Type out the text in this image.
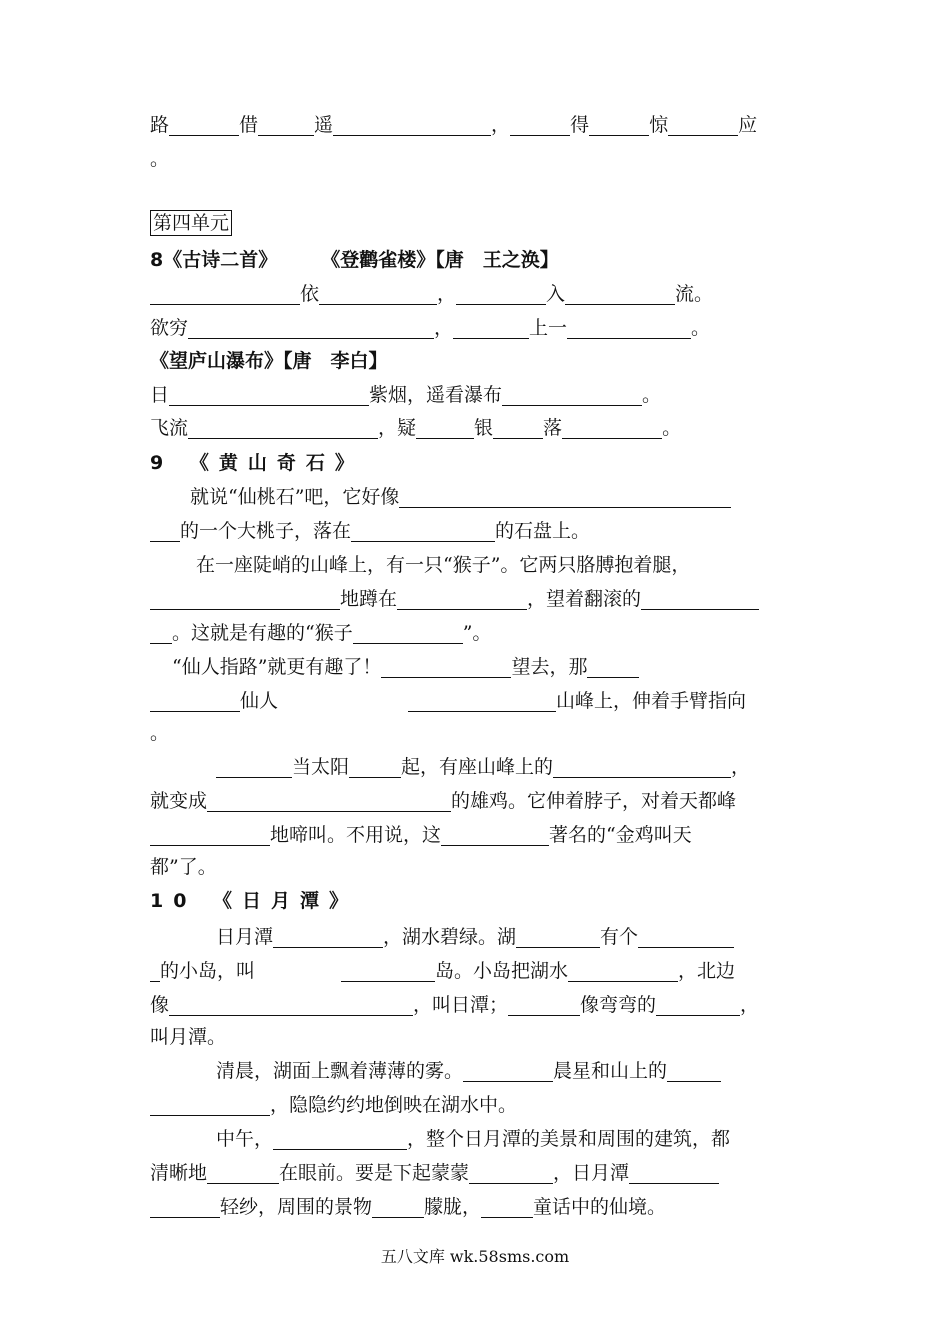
路	借	遥	，	得	惊	应
。
第四单元
8《古诗二首》 《登鹳雀楼》【唐　王之涣】
依	，	入	流。
欲穷	，	上一	。
《望庐山瀑布》【唐　李白】
日	紫烟，遥看瀑布	。
飞流	，疑	银	落	。
9 《黄山奇石》
就说“仙桃石”吧，它好像
的一个大桃子，落在	的石盘上。
在一座陡峭的山峰上，有一只“猴子”。它两只胳膊抱着腿，
地蹲在	，望着翻滚的
。这就是有趣的“猴子	”。
“仙人指路”就更有趣了！	望去，那
仙人	山峰上，伸着手臂指向
。
当太阳	起，有座山峰上的	，
就变成	的雄鸡。它伸着脖子，对着天都峰
地啼叫。不用说，这	著名的“金鸡叫天
都”了。
10 《日月潭》
日月潭	，湖水碧绿。湖	有个
的小岛，叫	岛。小岛把湖水	，北边
像	，叫日潭；	像弯弯的	，
叫月潭。
清晨，湖面上飘着薄薄的雾。	晨星和山上的
，隐隐约约地倒映在湖水中。
中午，	，整个日月潭的美景和周围的建筑，都
清晰地	在眼前。要是下起蒙蒙	，日月潭
轻纱，周围的景物	朦胧，	童话中的仙境。
五八文库 wk.58sms.com
